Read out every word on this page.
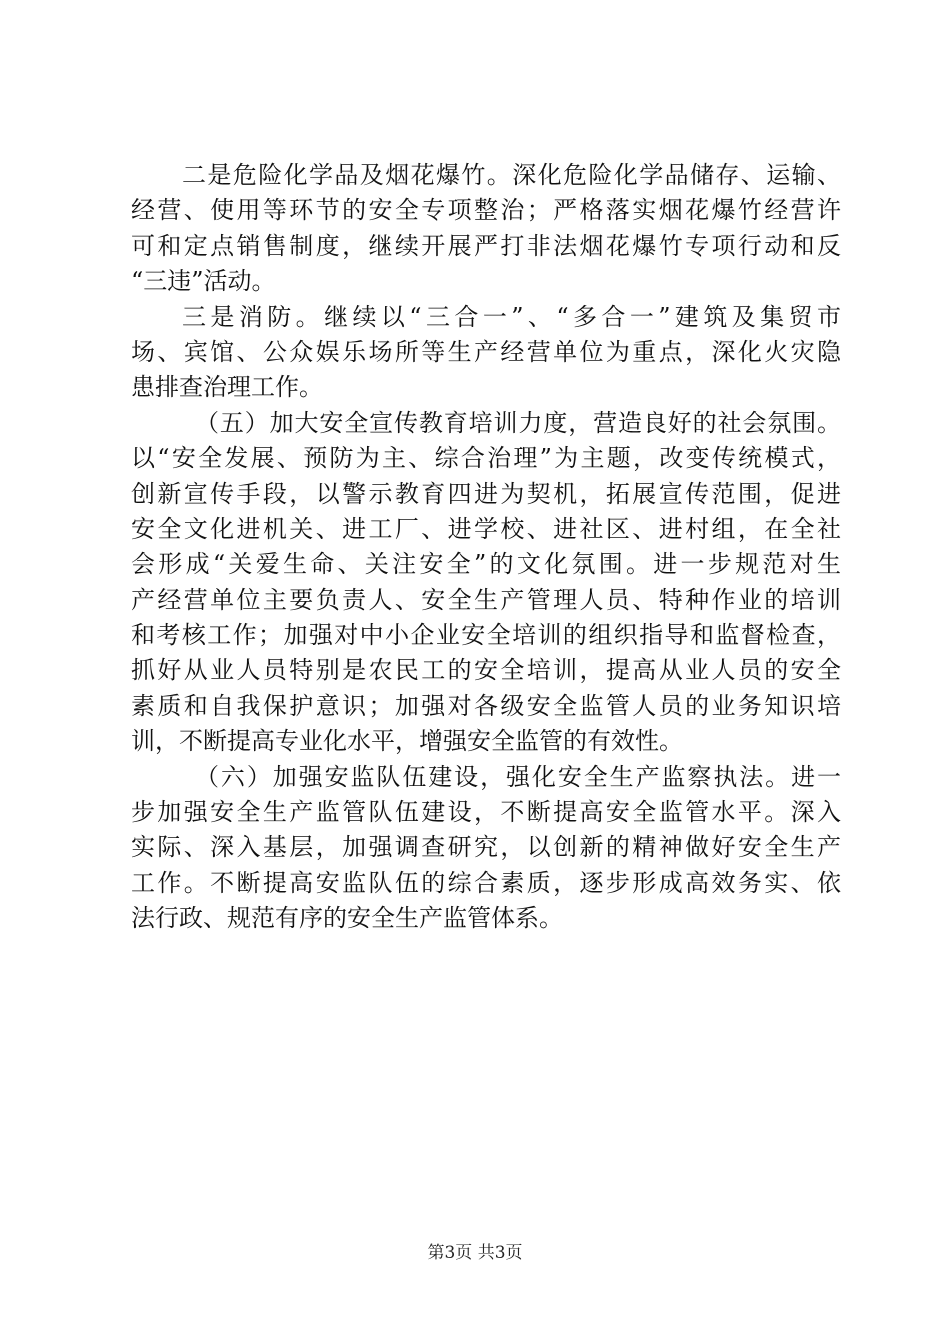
二是危险化学品及烟花爆竹。深化危险化学品储存、运输、
经营、使用等环节的安全专项整治；严格落实烟花爆竹经营许
可和定点销售制度，继续开展严打非法烟花爆竹专项行动和反
“三违”活动。
三是消防。继续以“三合一”、“多合一”建筑及集贸市
场、宾馆、公众娱乐场所等生产经营单位为重点，深化火灾隐
患排查治理工作。
（五）加大安全宣传教育培训力度，营造良好的社会氛围。
以“安全发展、预防为主、综合治理”为主题，改变传统模式，
创新宣传手段，以警示教育四进为契机，拓展宣传范围，促进
安全文化进机关、进工厂、进学校、进社区、进村组，在全社
会形成“关爱生命、关注安全”的文化氛围。进一步规范对生
产经营单位主要负责人、安全生产管理人员、特种作业的培训
和考核工作；加强对中小企业安全培训的组织指导和监督检查，
抓好从业人员特别是农民工的安全培训，提高从业人员的安全
素质和自我保护意识；加强对各级安全监管人员的业务知识培
训，不断提高专业化水平，增强安全监管的有效性。
（六）加强安监队伍建设，强化安全生产监察执法。进一
步加强安全生产监管队伍建设，不断提高安全监管水平。深入
实际、深入基层，加强调查研究，以创新的精神做好安全生产
工作。不断提高安监队伍的综合素质，逐步形成高效务实、依
法行政、规范有序的安全生产监管体系。
第3页 共3页
